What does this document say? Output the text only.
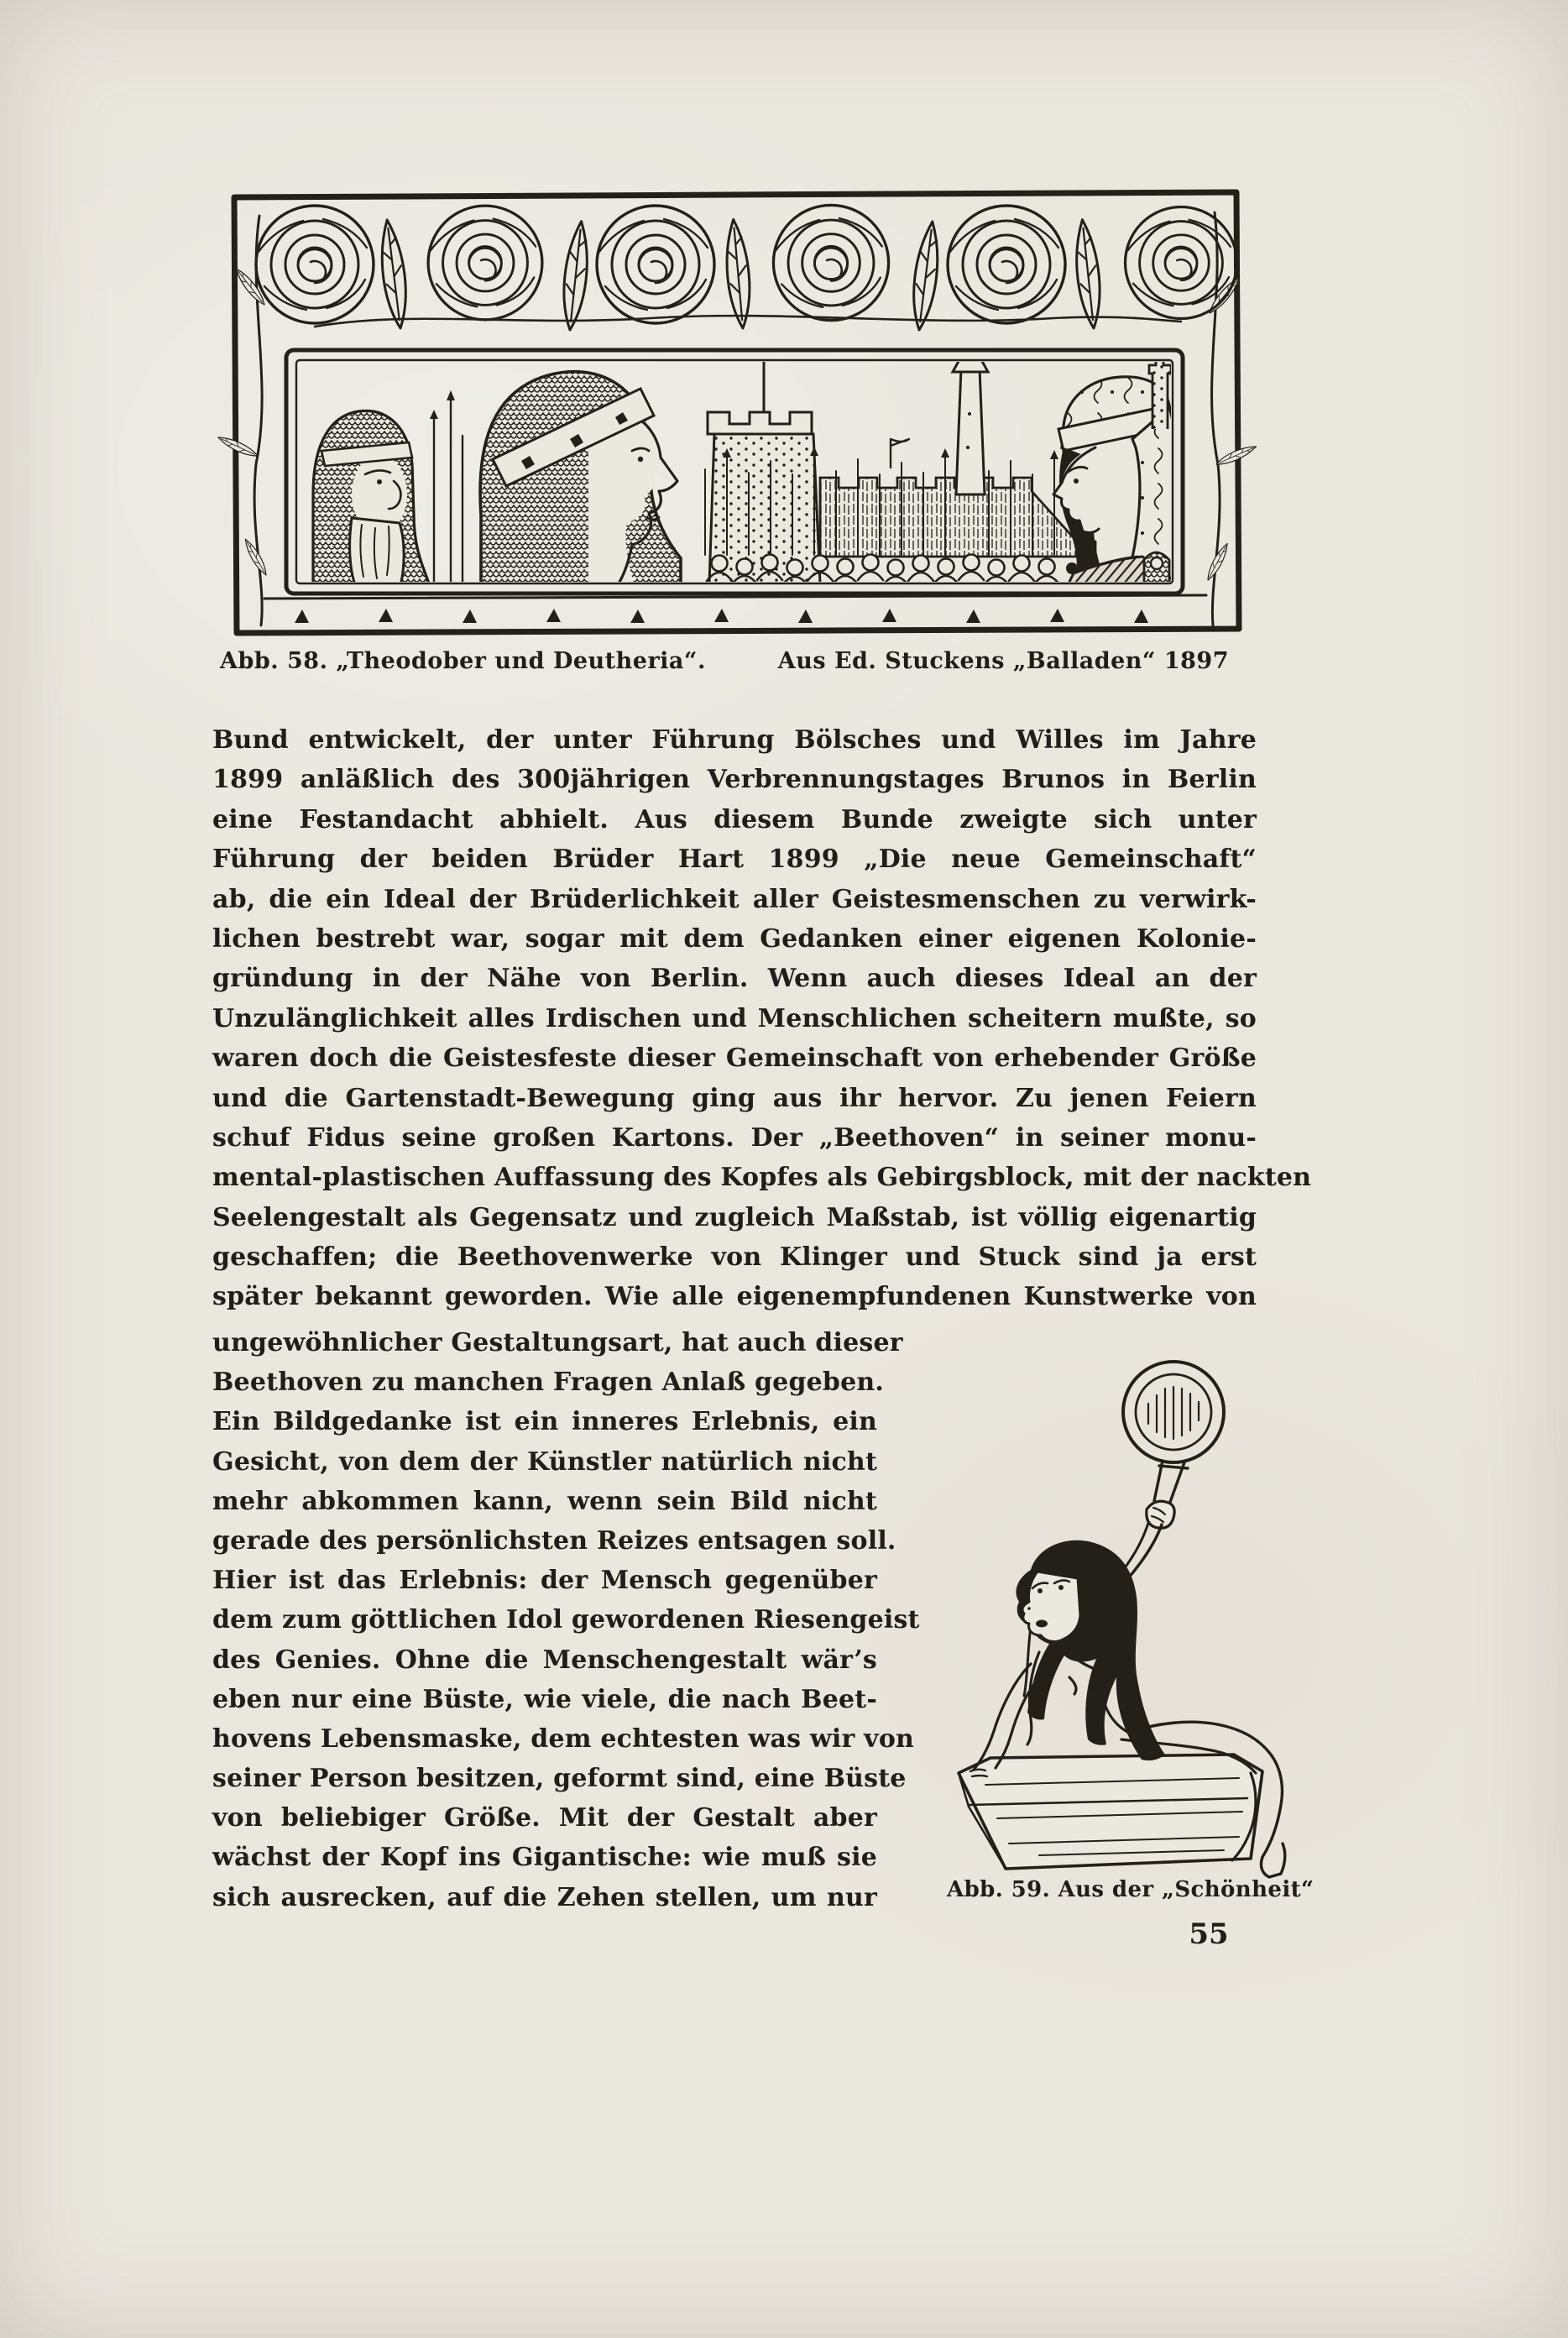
Abb. 58. „Theodober und Deutheria“.	Aus Ed. Stuckens „Balladen“ 1897
Bund entwickelt, der unter Führung Bölsches und Willes im Jahre
1899 anläßlich des 300jährigen Verbrennungstages Brunos in Berlin
eine Festandacht abhielt. Aus diesem Bunde zweigte sich unter
Führung der beiden Brüder Hart 1899 „Die neue Gemeinschaft“
ab, die ein Ideal der Brüderlichkeit aller Geistesmenschen zu verwirk-
lichen bestrebt war, sogar mit dem Gedanken einer eigenen Kolonie-
gründung in der Nähe von Berlin. Wenn auch dieses Ideal an der
Unzulänglichkeit alles Irdischen und Menschlichen scheitern mußte, so
waren doch die Geistesfeste dieser Gemeinschaft von erhebender Größe
und die Gartenstadt-Bewegung ging aus ihr hervor. Zu jenen Feiern
schuf Fidus seine großen Kartons. Der „Beethoven“ in seiner monu-
mental-plastischen Auffassung des Kopfes als Gebirgsblock, mit der nackten
Seelengestalt als Gegensatz und zugleich Maßstab, ist völlig eigenartig
geschaffen; die Beethovenwerke von Klinger und Stuck sind ja erst
später bekannt geworden. Wie alle eigenempfundenen Kunstwerke von
ungewöhnlicher Gestaltungsart, hat auch dieser
Beethoven zu manchen Fragen Anlaß gegeben.
Ein Bildgedanke ist ein inneres Erlebnis, ein
Gesicht, von dem der Künstler natürlich nicht
mehr abkommen kann, wenn sein Bild nicht
gerade des persönlichsten Reizes entsagen soll.
Hier ist das Erlebnis: der Mensch gegenüber
dem zum göttlichen Idol gewordenen Riesengeist
des Genies. Ohne die Menschengestalt wär’s
eben nur eine Büste, wie viele, die nach Beet-
hovens Lebensmaske, dem echtesten was wir von
seiner Person besitzen, geformt sind, eine Büste
von beliebiger Größe. Mit der Gestalt aber
wächst der Kopf ins Gigantische: wie muß sie
sich ausrecken, auf die Zehen stellen, um nur	Abb. 59. Aus der „Schönheit“
55
